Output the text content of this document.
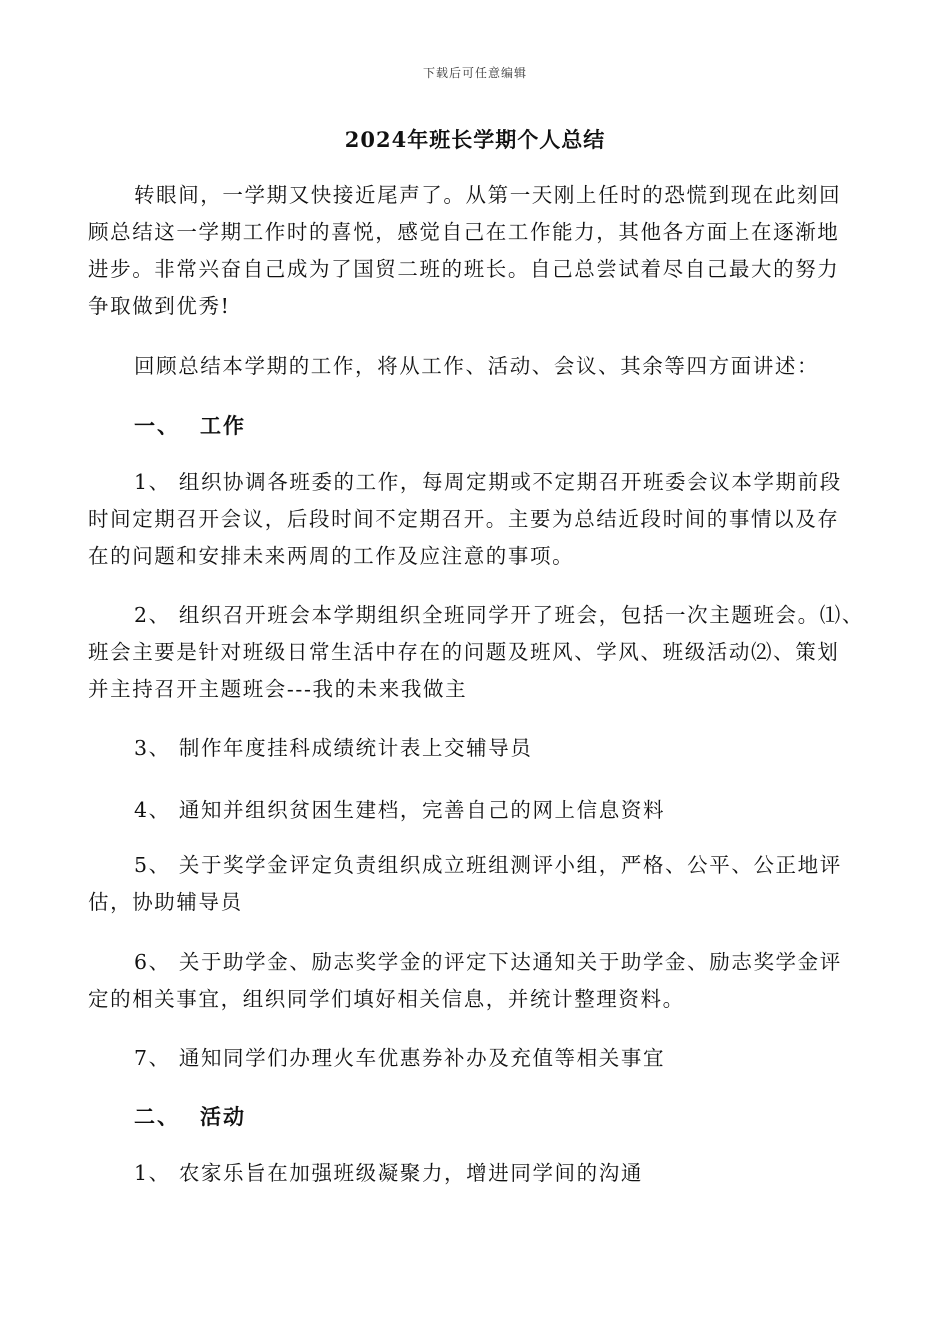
下载后可任意编辑
2024年班长学期个人总结
转眼间，一学期又快接近尾声了。从第一天刚上任时的恐慌到现在此刻回
顾总结这一学期工作时的喜悦，感觉自己在工作能力，其他各方面上在逐渐地
进步。非常兴奋自己成为了国贸二班的班长。自己总尝试着尽自己最大的努力
争取做到优秀!
回顾总结本学期的工作，将从工作、活动、会议、其余等四方面讲述：
一、 工作
1、 组织协调各班委的工作，每周定期或不定期召开班委会议本学期前段
时间定期召开会议，后段时间不定期召开。主要为总结近段时间的事情以及存
在的问题和安排未来两周的工作及应注意的事项。
2、 组织召开班会本学期组织全班同学开了班会，包括一次主题班会。⑴、
班会主要是针对班级日常生活中存在的问题及班风、学风、班级活动⑵、策划
并主持召开主题班会---我的未来我做主
3、 制作年度挂科成绩统计表上交辅导员
4、 通知并组织贫困生建档，完善自己的网上信息资料
5、 关于奖学金评定负责组织成立班组测评小组，严格、公平、公正地评
估，协助辅导员
6、 关于助学金、励志奖学金的评定下达通知关于助学金、励志奖学金评
定的相关事宜，组织同学们填好相关信息，并统计整理资料。
7、 通知同学们办理火车优惠券补办及充值等相关事宜
二、 活动
1、 农家乐旨在加强班级凝聚力，增进同学间的沟通
